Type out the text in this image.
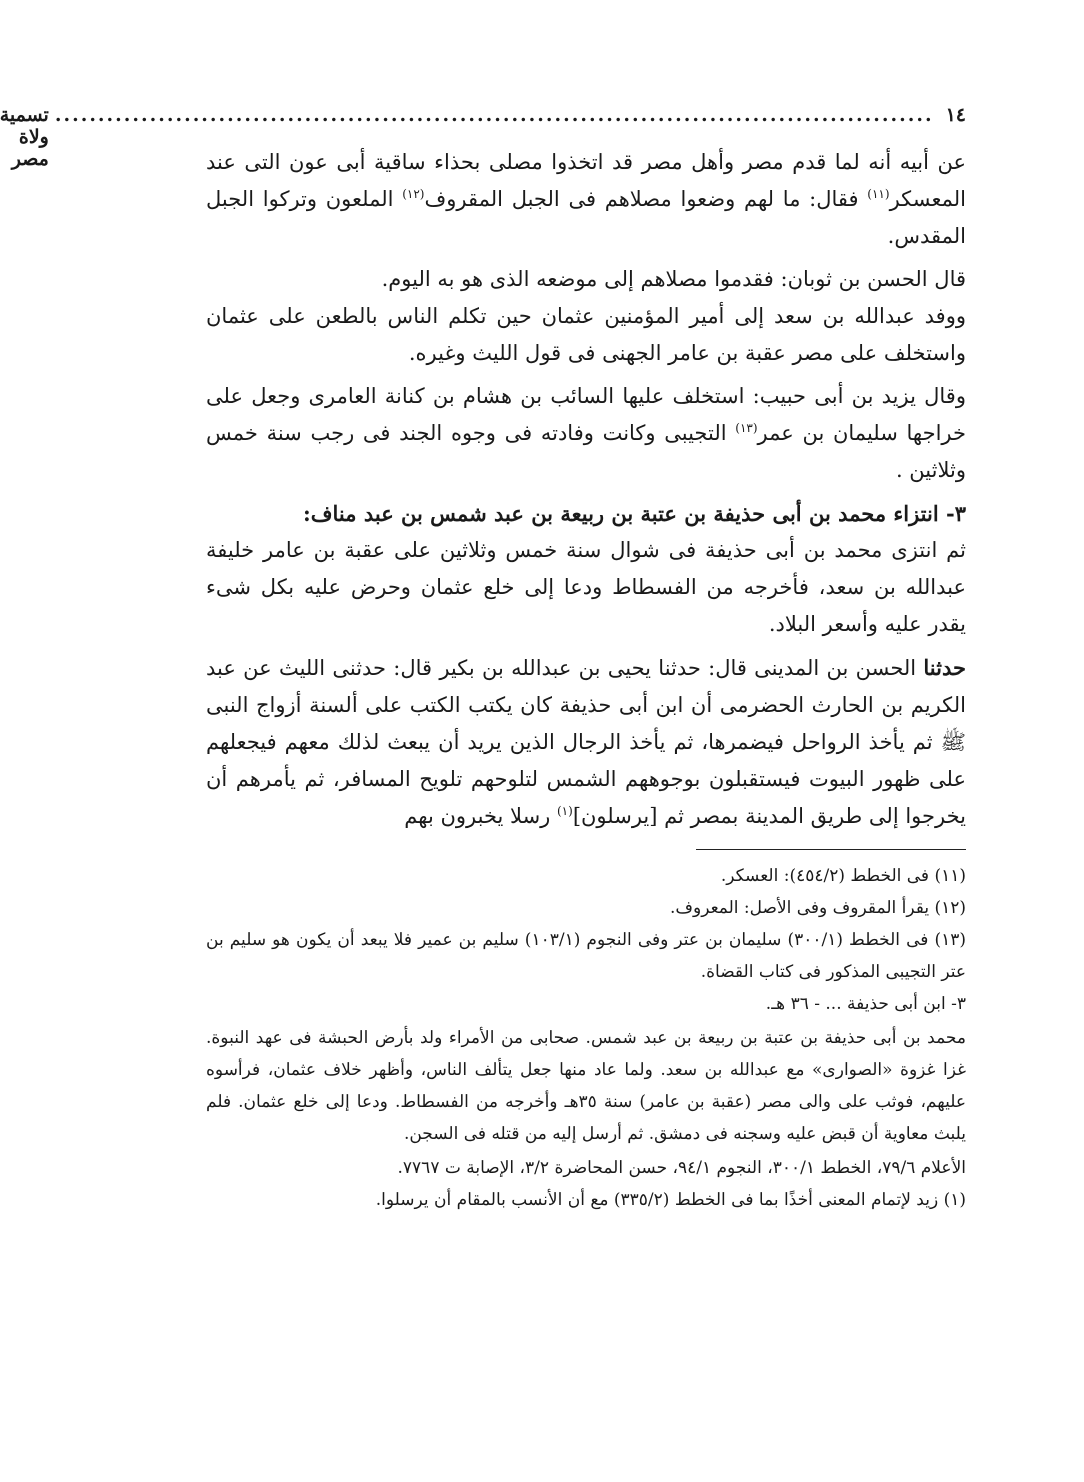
١٤
......................................................................................................
تسمية ولاة مصر	عن أبيه أنه لما قدم مصر وأهل مصر قد اتخذوا مصلى بحذاء ساقية أبى عون التى عند المعسكر$^{(١١)}$ فقال: ما لهم وضعوا مصلاهم فى الجبل المقروف$^{(١٢)}$ الملعون وتركوا الجبل المقدس.

قال الحسن بن ثوبان: فقدموا مصلاهم إلى موضعه الذى هو به اليوم.

ووفد عبدالله بن سعد إلى أمير المؤمنين عثمان حين تكلم الناس بالطعن على عثمان واستخلف على مصر عقبة بن عامر الجهنى فى قول الليث وغيره.

وقال يزيد بن أبى حبيب: استخلف عليها السائب بن هشام بن كنانة العامرى وجعل على خراجها سليمان بن عمر$^{(١٣)}$ التجيبى وكانت وفادته فى وجوه الجند فى رجب سنة خمس وثلاثين .

٣- انتزاء محمد بن أبى حذيفة بن عتبة بن ربيعة بن عبد شمس بن عبد مناف:

ثم انتزى محمد بن أبى حذيفة فى شوال سنة خمس وثلاثين على عقبة بن عامر خليفة عبدالله بن سعد، فأخرجه من الفسطاط ودعا إلى خلع عثمان وحرض عليه بكل شىء يقدر عليه وأسعر البلاد.

حدثنا الحسن بن المدينى قال: حدثنا يحيى بن عبدالله بن بكير قال: حدثنى الليث عن عبد الكريم بن الحارث الحضرمى أن ابن أبى حذيفة كان يكتب الكتب على ألسنة أزواج النبى ﷺ ثم يأخذ الرواحل فيضمرها، ثم يأخذ الرجال الذين يريد أن يبعث لذلك معهم فيجعلهم على ظهور البيوت فيستقبلون بوجوههم الشمس لتلوحهم تلويح المسافر، ثم يأمرهم أن يخرجوا إلى طريق المدينة بمصر ثم [يرسلون]$^{(١)}$ رسلا يخبرون بهم

(١١) فى الخطط (٤٥٤/٢): العسكر.

(١٢) يقرأ المقروف وفى الأصل: المعروف.

(١٣) فى الخطط (٣٠٠/١) سليمان بن عتر وفى النجوم (١٠٣/١) سليم بن عمير فلا يبعد أن يكون هو سليم بن عتر التجيبى المذكور فى كتاب القضاة.

٣- ابن أبى حذيفة ... - ٣٦ هـ.

محمد بن أبى حذيفة بن عتبة بن ربيعة بن عبد شمس. صحابى من الأمراء ولد بأرض الحبشة فى عهد النبوة. غزا غزوة «الصوارى» مع عبدالله بن سعد. ولما عاد منها جعل يتألف الناس، وأظهر خلاف عثمان، فرأسوه عليهم، فوثب على والى مصر (عقبة بن عامر) سنة ٣٥هـ وأخرجه من الفسطاط. ودعا إلى خلع عثمان. فلم يلبث معاوية أن قبض عليه وسجنه فى دمشق. ثم أرسل إليه من قتله فى السجن.

الأعلام ٧٩/٦، الخطط ٣٠٠/١، النجوم ٩٤/١، حسن المحاضرة ٣/٢، الإصابة ت ٧٧٦٧.

(١) زيد لإتمام المعنى أخذًا بما فى الخطط (٣٣٥/٢) مع أن الأنسب بالمقام أن يرسلوا.
